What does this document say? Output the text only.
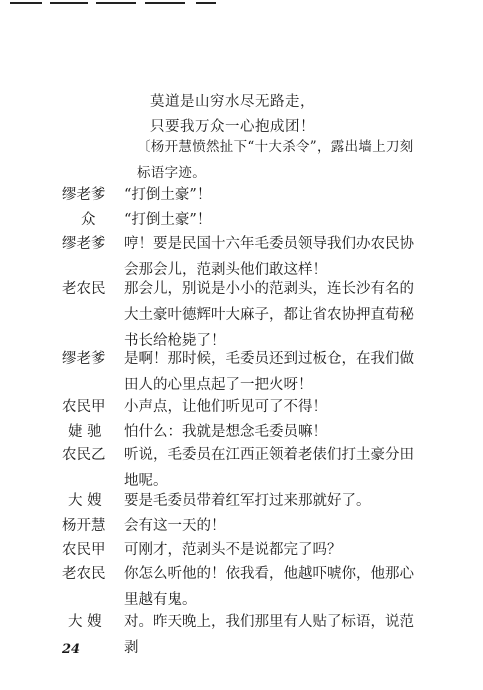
莫道是山穷水尽无路走，
只要我万众一心抱成团！
〔杨开慧愤然扯下“十大杀令”，露出墙上刀刻标语字迹。
缪老爹	“打倒土豪”！
众	“打倒土豪”！
缪老爹	哼！要是民国十六年毛委员领导我们办农民协会那会儿，范剥头他们敢这样！
老农民	那会儿，别说是小小的范剥头，连长沙有名的大土豪叶德辉叶大麻子，都让省农协押直荀秘书长给枪毙了！
缪老爹	是啊！那时候，毛委员还到过板仓，在我们做田人的心里点起了一把火呀！
农民甲	小声点，让他们听见可了不得！
婕 驰	怕什么：我就是想念毛委员嘛！
农民乙	听说，毛委员在江西正领着老俵们打土豪分田地呢。
大 嫂	要是毛委员带着红军打过来那就好了。
杨开慧	会有这一天的！
农民甲	可刚才，范剥头不是说都完了吗？
老农民	你怎么听他的！依我看，他越吓唬你，他那心里越有鬼。
大 嫂	对。昨天晚上，我们那里有人贴了标语，说范剥
24
